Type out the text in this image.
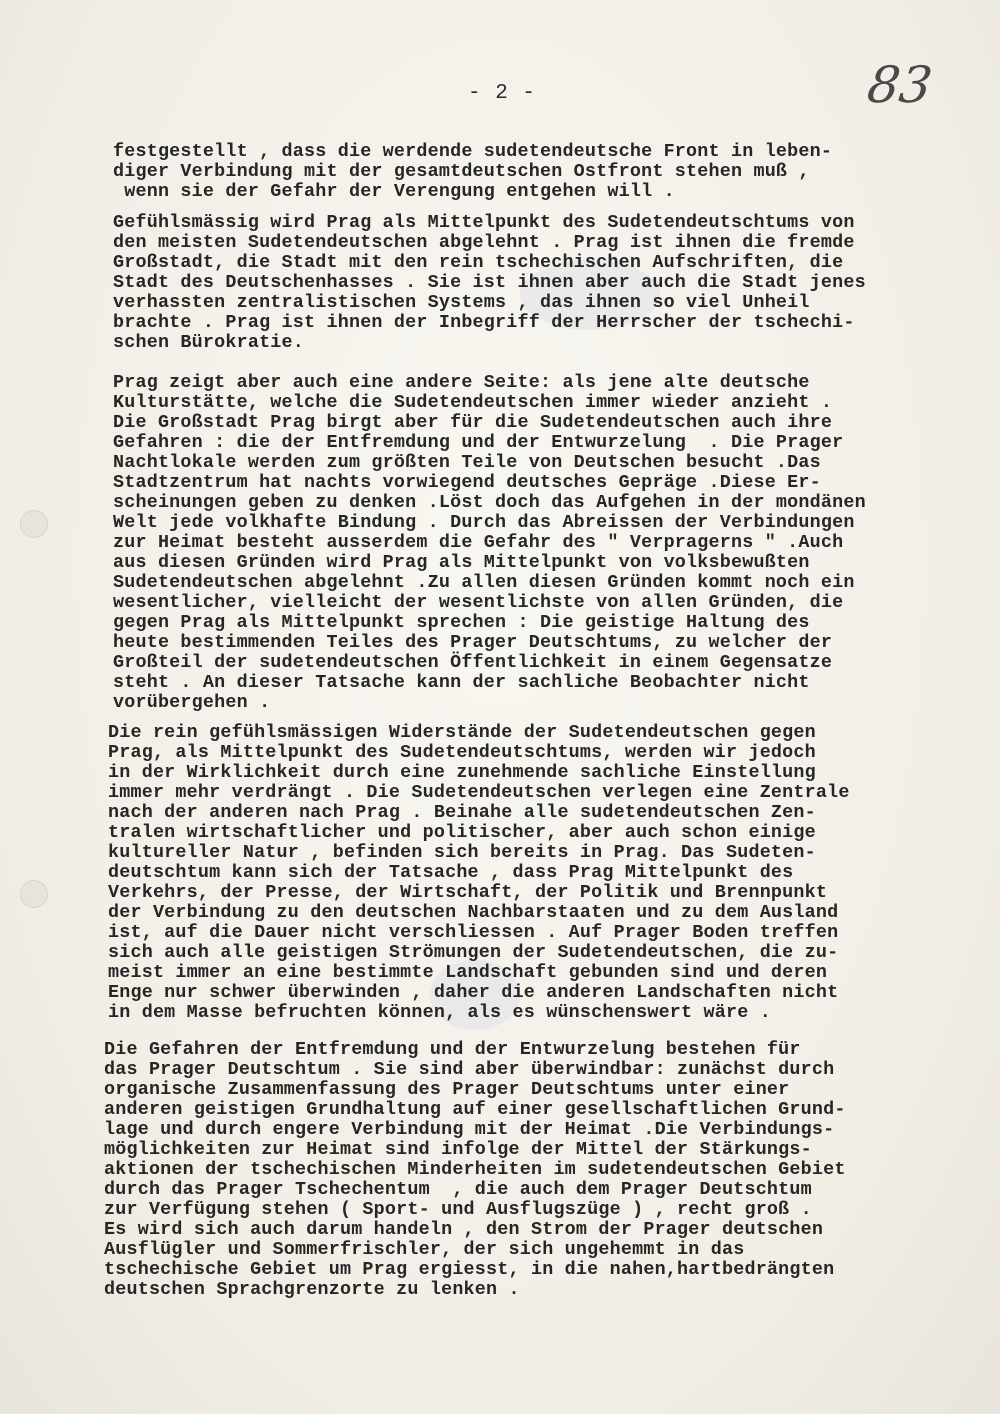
- 2 -	83
festgestellt , dass die werdende sudetendeutsche Front in leben-
diger Verbindung mit der gesamtdeutschen Ostfront stehen muß ,
wenn sie der Gefahr der Verengung entgehen will .
Gefühlsmässig wird Prag als Mittelpunkt des Sudetendeutschtums von
den meisten Sudetendeutschen abgelehnt . Prag ist ihnen die fremde
Großstadt, die Stadt mit den rein tschechischen Aufschriften, die
Stadt des Deutschenhasses . Sie ist ihnen aber auch die Stadt jenes
verhassten zentralistischen Systems , das ihnen so viel Unheil
brachte . Prag ist ihnen der Inbegriff der Herrscher der tschechi-
schen Bürokratie.
Prag zeigt aber auch eine andere Seite: als jene alte deutsche
Kulturstätte, welche die Sudetendeutschen immer wieder anzieht .
Die Großstadt Prag birgt aber für die Sudetendeutschen auch ihre
Gefahren : die der Entfremdung und der Entwurzelung  . Die Prager
Nachtlokale werden zum größten Teile von Deutschen besucht .Das
Stadtzentrum hat nachts vorwiegend deutsches Gepräge .Diese Er-
scheinungen geben zu denken .Löst doch das Aufgehen in der mondänen
Welt jede volkhafte Bindung . Durch das Abreissen der Verbindungen
zur Heimat besteht ausserdem die Gefahr des " Verpragerns " .Auch
aus diesen Gründen wird Prag als Mittelpunkt von volksbewußten
Sudetendeutschen abgelehnt .Zu allen diesen Gründen kommt noch ein
wesentlicher, vielleicht der wesentlichste von allen Gründen, die
gegen Prag als Mittelpunkt sprechen : Die geistige Haltung des
heute bestimmenden Teiles des Prager Deutschtums, zu welcher der
Großteil der sudetendeutschen Öffentlichkeit in einem Gegensatze
steht . An dieser Tatsache kann der sachliche Beobachter nicht
vorübergehen .
Die rein gefühlsmässigen Widerstände der Sudetendeutschen gegen
Prag, als Mittelpunkt des Sudetendeutschtums, werden wir jedoch
in der Wirklichkeit durch eine zunehmende sachliche Einstellung
immer mehr verdrängt . Die Sudetendeutschen verlegen eine Zentrale
nach der anderen nach Prag . Beinahe alle sudetendeutschen Zen-
tralen wirtschaftlicher und politischer, aber auch schon einige
kultureller Natur , befinden sich bereits in Prag. Das Sudeten-
deutschtum kann sich der Tatsache , dass Prag Mittelpunkt des
Verkehrs, der Presse, der Wirtschaft, der Politik und Brennpunkt
der Verbindung zu den deutschen Nachbarstaaten und zu dem Ausland
ist, auf die Dauer nicht verschliessen . Auf Prager Boden treffen
sich auch alle geistigen Strömungen der Sudetendeutschen, die zu-
meist immer an eine bestimmte Landschaft gebunden sind und deren
Enge nur schwer überwinden , daher die anderen Landschaften nicht
in dem Masse befruchten können, als es wünschenswert wäre .
Die Gefahren der Entfremdung und der Entwurzelung bestehen für
das Prager Deutschtum . Sie sind aber überwindbar: zunächst durch
organische Zusammenfassung des Prager Deutschtums unter einer
anderen geistigen Grundhaltung auf einer gesellschaftlichen Grund-
lage und durch engere Verbindung mit der Heimat .Die Verbindungs-
möglichkeiten zur Heimat sind infolge der Mittel der Stärkungs-
aktionen der tschechischen Minderheiten im sudetendeutschen Gebiet
durch das Prager Tschechentum  , die auch dem Prager Deutschtum
zur Verfügung stehen ( Sport- und Ausflugszüge ) , recht groß .
Es wird sich auch darum handeln , den Strom der Prager deutschen
Ausflügler und Sommerfrischler, der sich ungehemmt in das
tschechische Gebiet um Prag ergiesst, in die nahen,hartbedrängten
deutschen Sprachgrenzorte zu lenken .
